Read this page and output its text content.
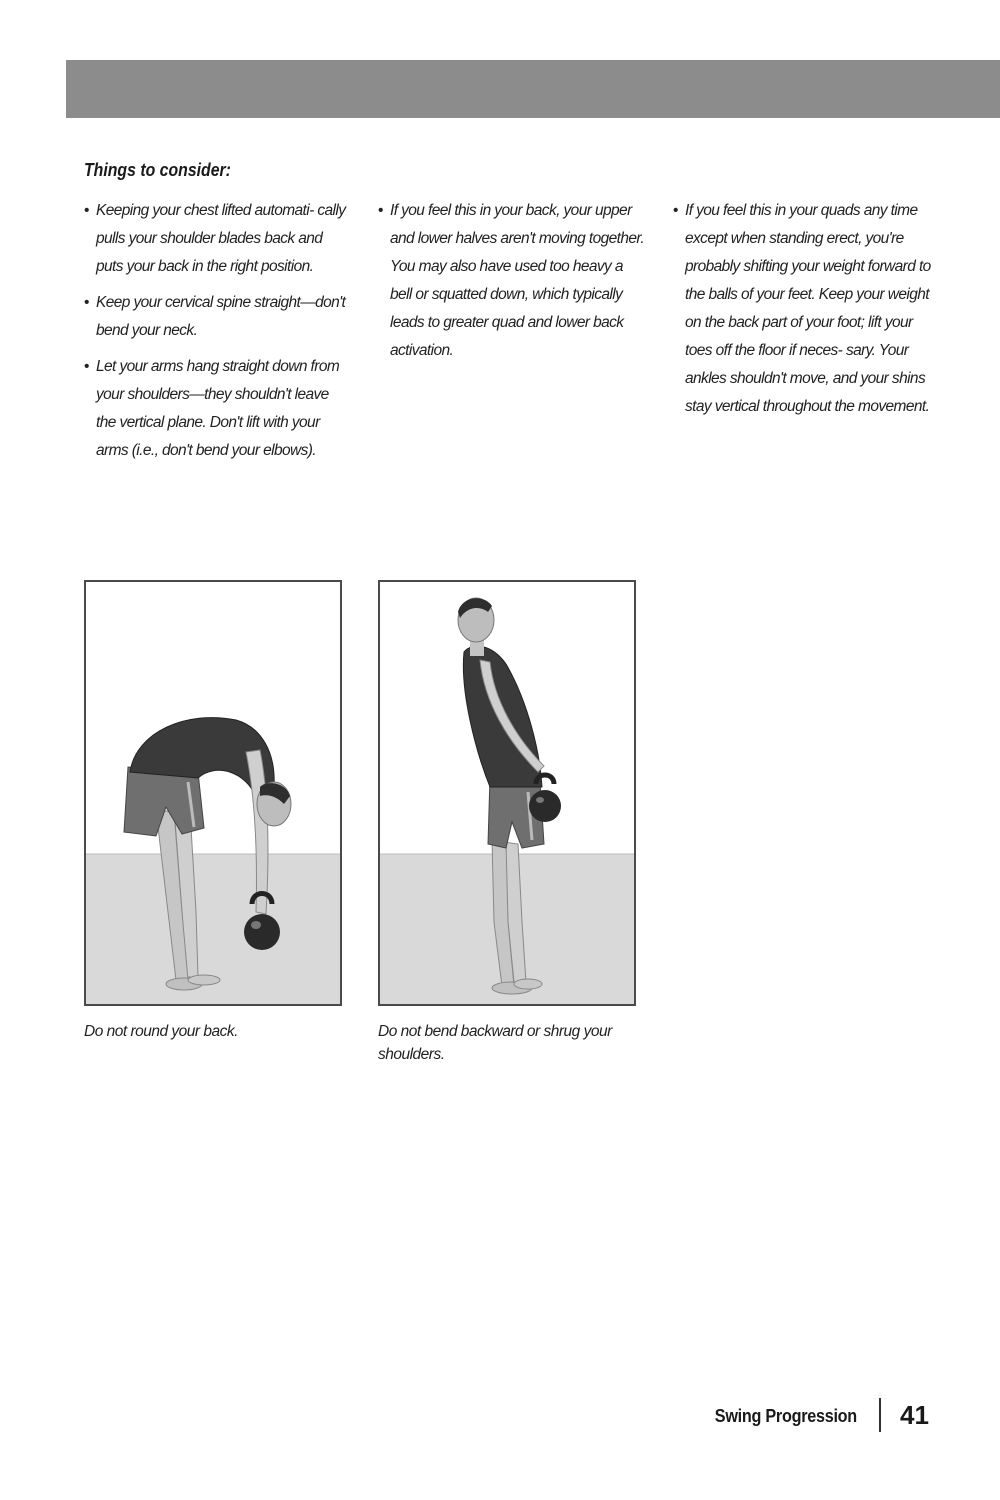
Things to consider:
• Keeping your chest lifted automati- cally pulls your shoulder blades back and puts your back in the right position.
• Keep your cervical spine straight—don't bend your neck.
• Let your arms hang straight down from your shoulders—they shouldn't leave the vertical plane. Don't lift with your arms (i.e., don't bend your elbows).
• If you feel this in your back, your upper and lower halves aren't moving together. You may also have used too heavy a bell or squatted down, which typically leads to greater quad and lower back activation.
• If you feel this in your quads any time except when standing erect, you're probably shifting your weight forward to the balls of your feet. Keep your weight on the back part of your foot; lift your toes off the floor if neces- sary. Your ankles shouldn't move, and your shins stay vertical throughout the movement.
Do not round your back.	Do not bend backward or shrug your shoulders.
Swing Progression 41
